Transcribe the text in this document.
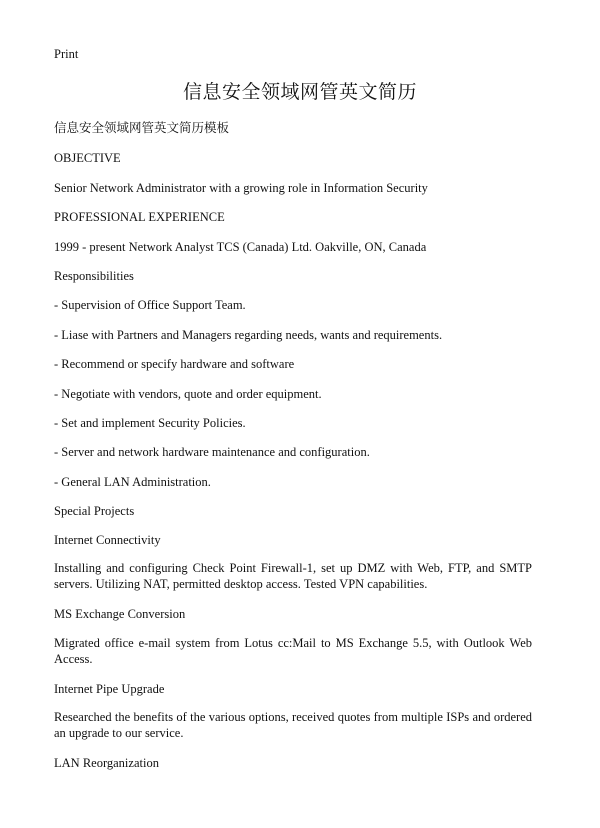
Print
信息安全领域网管英文简历

信息安全领域网管英文简历模板

OBJECTIVE

Senior Network Administrator with a growing role in Information Security

PROFESSIONAL EXPERIENCE

1999 - present Network Analyst TCS (Canada) Ltd. Oakville, ON, Canada

Responsibilities

- Supervision of Office Support Team.

- Liase with Partners and Managers regarding needs, wants and requirements.

- Recommend or specify hardware and software

- Negotiate with vendors, quote and order equipment.

- Set and implement Security Policies.

- Server and network hardware maintenance and configuration.

- General LAN Administration.

Special Projects

Internet Connectivity

Installing and configuring Check Point Firewall-1, set up DMZ with Web, FTP, and SMTP servers. Utilizing NAT, permitted desktop access. Tested VPN capabilities.

MS Exchange Conversion

Migrated office e-mail system from Lotus cc:Mail to MS Exchange 5.5, with Outlook Web Access.

Internet Pipe Upgrade

Researched the benefits of the various options, received quotes from multiple ISPs and ordered an upgrade to our service.

LAN Reorganization
